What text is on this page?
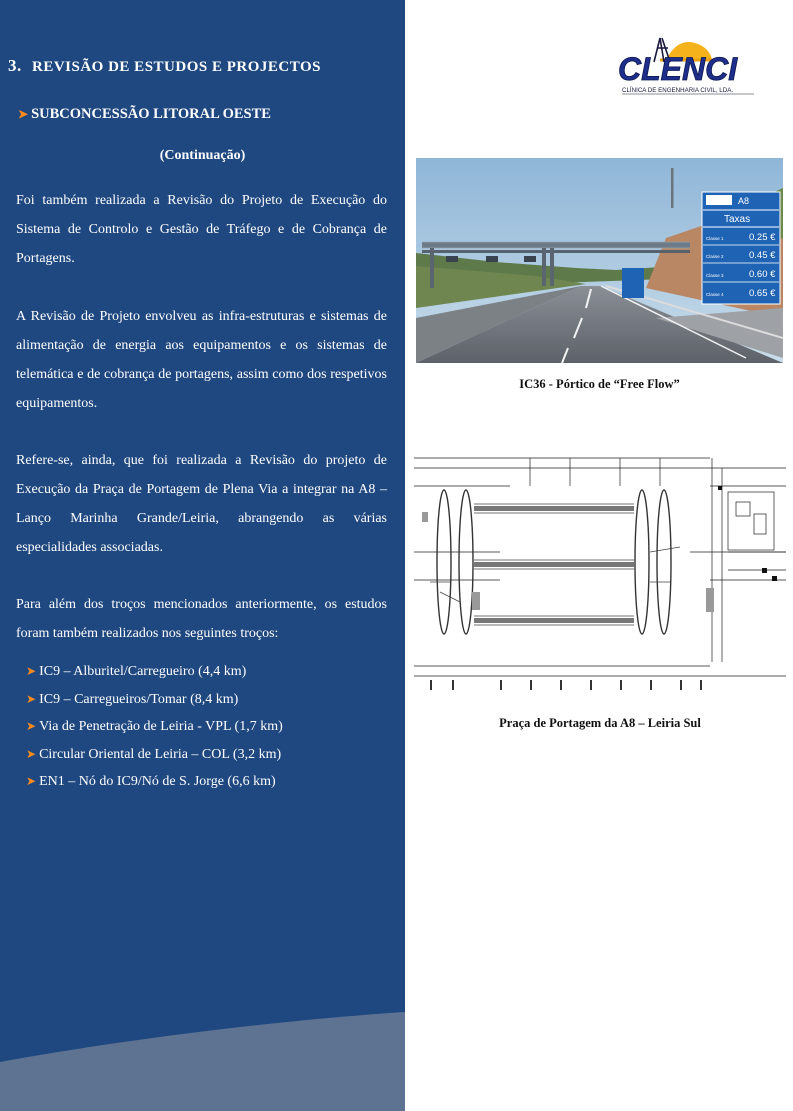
3. REVISÃO DE ESTUDOS E PROJECTOS
➤ SUBCONCESSÃO LITORAL OESTE
(Continuação)
Foi também realizada a Revisão do Projeto de Execução do Sistema de Controlo e Gestão de Tráfego e de Cobrança de Portagens.
A Revisão de Projeto envolveu as infra-estruturas e sistemas de alimentação de energia aos equipamentos e os sistemas de telemática e de cobrança de portagens, assim como dos respetivos equipamentos.
Refere-se, ainda, que foi realizada a Revisão do projeto de Execução da Praça de Portagem de Plena Via a integrar na A8 – Lanço Marinha Grande/Leiria, abrangendo as várias especialidades associadas.
Para além dos troços mencionados anteriormente, os estudos foram também realizados nos seguintes troços:
➤ IC9 – Alburitel/Carregueiro (4,4 km)
➤ IC9 – Carregueiros/Tomar (8,4 km)
➤ Via de Penetração de Leiria - VPL (1,7 km)
➤ Circular Oriental de Leiria – COL (3,2 km)
➤ EN1 – Nó do IC9/Nó de S. Jorge (6,6 km)
CLENCI
CLÍNICA DE ENGENHARIA CIVIL, LDA.
A8
Taxas
Classe 1	0.25 €
Classe 2	0.45 €
Classe 3	0.60 €
Classe 4	0.65 €
IC36 - Pórtico de “Free Flow”
Praça de Portagem da A8 – Leiria Sul
